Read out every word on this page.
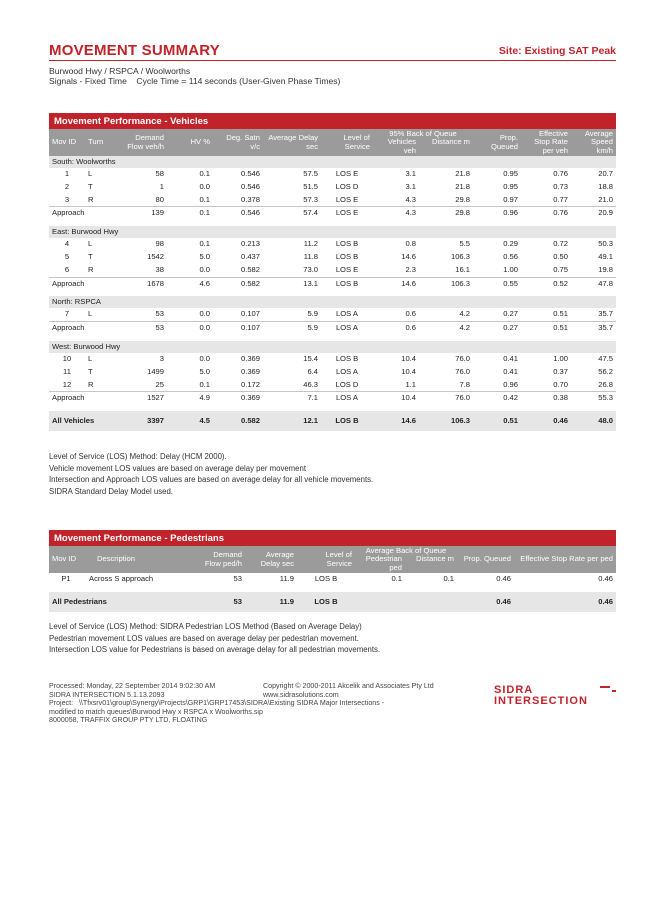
MOVEMENT SUMMARY	Site: Existing SAT Peak
Burwood Hwy / RSPCA / Woolworths
Signals - Fixed Time    Cycle Time = 114 seconds (User-Given Phase Times)
Movement Performance - Vehicles
Mov ID	Turn	Demand Flow veh/h	HV %	Deg. Satn v/c	Average Delay sec	Level of Service	95% Back of Queue
Vehicles veh
Distance m		Prop. Queued	Effective Stop Rate per veh	Average Speed km/h
South: Woolworths											
1	L	58	0.1	0.546	57.5	LOS E	3.1	21.8	0.95	0.76	20.7
2	T	1	0.0	0.546	51.5	LOS D	3.1	21.8	0.95	0.73	18.8
3	R	80	0.1	0.378	57.3	LOS E	4.3	29.8	0.97	0.77	21.0
Approach		139	0.1	0.546	57.4	LOS E	4.3	29.8	0.96	0.76	20.9

East: Burwood Hwy											
4	L	98	0.1	0.213	11.2	LOS B	0.8	5.5	0.29	0.72	50.3
5	T	1542	5.0	0.437	11.8	LOS B	14.6	106.3	0.56	0.50	49.1
6	R	38	0.0	0.582	73.0	LOS E	2.3	16.1	1.00	0.75	19.8
Approach		1678	4.6	0.582	13.1	LOS B	14.6	106.3	0.55	0.52	47.8

North: RSPCA											
7	L	53	0.0	0.107	5.9	LOS A	0.6	4.2	0.27	0.51	35.7
Approach		53	0.0	0.107	5.9	LOS A	0.6	4.2	0.27	0.51	35.7

West: Burwood Hwy											
10	L	3	0.0	0.369	15.4	LOS B	10.4	76.0	0.41	1.00	47.5
11	T	1499	5.0	0.369	6.4	LOS A	10.4	76.0	0.41	0.37	56.2
12	R	25	0.1	0.172	46.3	LOS D	1.1	7.8	0.96	0.70	26.8
Approach		1527	4.9	0.369	7.1	LOS A	10.4	76.0	0.42	0.38	55.3

All Vehicles		3397	4.5	0.582	12.1	LOS B	14.6	106.3	0.51	0.46	48.0
Level of Service (LOS) Method: Delay (HCM 2000).
Vehicle movement LOS values are based on average delay per movement
Intersection and Approach LOS values are based on average delay for all vehicle movements.
SIDRA Standard Delay Model used.
Movement Performance - Pedestrians
Mov ID	Description	Demand Flow ped/h	Average Delay sec	Level of Service	Average Back of Queue
Pedestrian ped
Distance m		Prop. Queued	Effective Stop Rate per ped
P1	Across S approach	53	11.9	LOS B	0.1	0.1	0.46	0.46

All Pedestrians		53	11.9	LOS B			0.46	0.46
Level of Service (LOS) Method: SIDRA Pedestrian LOS Method (Based on Average Delay)
Pedestrian movement LOS values are based on average delay per pedestrian movement.
Intersection LOS value for Pedestrians is based on average delay for all pedestrian movements.
Processed: Monday, 22 September 2014 9:02:30 AM
SIDRA INTERSECTION 5.1.13.2093
Project:   \\Tfxsrv01\group\Synergy\Projects\GRP1\GRP17453\SIDRA\Existing SIDRA Major Intersections -
modified to match queues\Burwood Hwy x RSPCA x Woolworths.sip
8000058, TRAFFIX GROUP PTY LTD, FLOATING
Copyright © 2000-2011 Akcelik and Associates Pty Ltd
www.sidrasolutions.com	SIDRA
INTERSECTION
